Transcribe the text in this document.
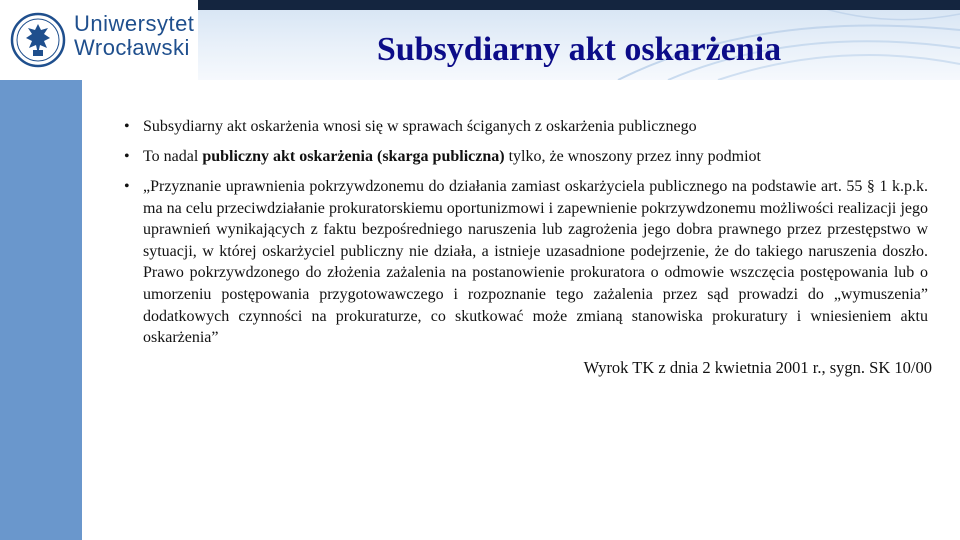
Uniwersytet
Wrocławski	Subsydiarny akt oskarżenia
• Subsydiarny akt oskarżenia wnosi się w sprawach ściganych z oskarżenia publicznego
• To nadal publiczny akt oskarżenia (skarga publiczna) tylko, że wnoszony przez inny podmiot
• „Przyznanie uprawnienia pokrzywdzonemu do działania zamiast oskarżyciela publicznego na podstawie art. 55 § 1 k.p.k. ma na celu przeciwdziałanie prokuratorskiemu oportunizmowi i zapewnienie pokrzywdzonemu możliwości realizacji jego uprawnień wynikających z faktu bezpośredniego naruszenia lub zagrożenia jego dobra prawnego przez przestępstwo w sytuacji, w której oskarżyciel publiczny nie działa, a istnieje uzasadnione podejrzenie, że do takiego naruszenia doszło. Prawo pokrzywdzonego do złożenia zażalenia na postanowienie prokuratora o odmowie wszczęcia postępowania lub o umorzeniu postępowania przygotowawczego i rozpoznanie tego zażalenia przez sąd prowadzi do „wymuszenia” dodatkowych czynności na prokuraturze, co skutkować może zmianą stanowiska prokuratury i wniesieniem aktu oskarżenia”
Wyrok TK z dnia 2 kwietnia 2001 r., sygn. SK 10/00
